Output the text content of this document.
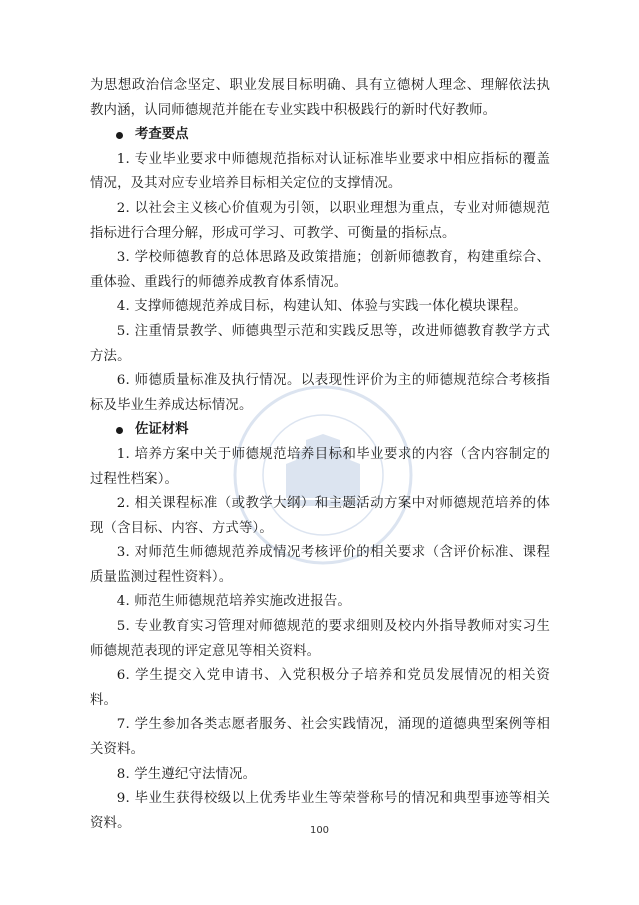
为思想政治信念坚定、职业发展目标明确、具有立德树人理念、理解依法执教内涵，认同师德规范并能在专业实践中积极践行的新时代好教师。

考查要点

1. 专业毕业要求中师德规范指标对认证标准毕业要求中相应指标的覆盖情况，及其对应专业培养目标相关定位的支撑情况。

2. 以社会主义核心价值观为引领，以职业理想为重点，专业对师德规范指标进行合理分解，形成可学习、可教学、可衡量的指标点。

3. 学校师德教育的总体思路及政策措施；创新师德教育，构建重综合、重体验、重践行的师德养成教育体系情况。

4. 支撑师德规范养成目标，构建认知、体验与实践一体化模块课程。

5. 注重情景教学、师德典型示范和实践反思等，改进师德教育教学方式方法。

6. 师德质量标准及执行情况。以表现性评价为主的师德规范综合考核指标及毕业生养成达标情况。

佐证材料

1. 培养方案中关于师德规范培养目标和毕业要求的内容（含内容制定的过程性档案）。

2. 相关课程标准（或教学大纲）和主题活动方案中对师德规范培养的体现（含目标、内容、方式等）。

3. 对师范生师德规范养成情况考核评价的相关要求（含评价标准、课程质量监测过程性资料）。

4. 师范生师德规范培养实施改进报告。

5. 专业教育实习管理对师德规范的要求细则及校内外指导教师对实习生师德规范表现的评定意见等相关资料。

6. 学生提交入党申请书、入党积极分子培养和党员发展情况的相关资料。

7. 学生参加各类志愿者服务、社会实践情况，涌现的道德典型案例等相关资料。

8. 学生遵纪守法情况。

9. 毕业生获得校级以上优秀毕业生等荣誉称号的情况和典型事迹等相关资料。	100
